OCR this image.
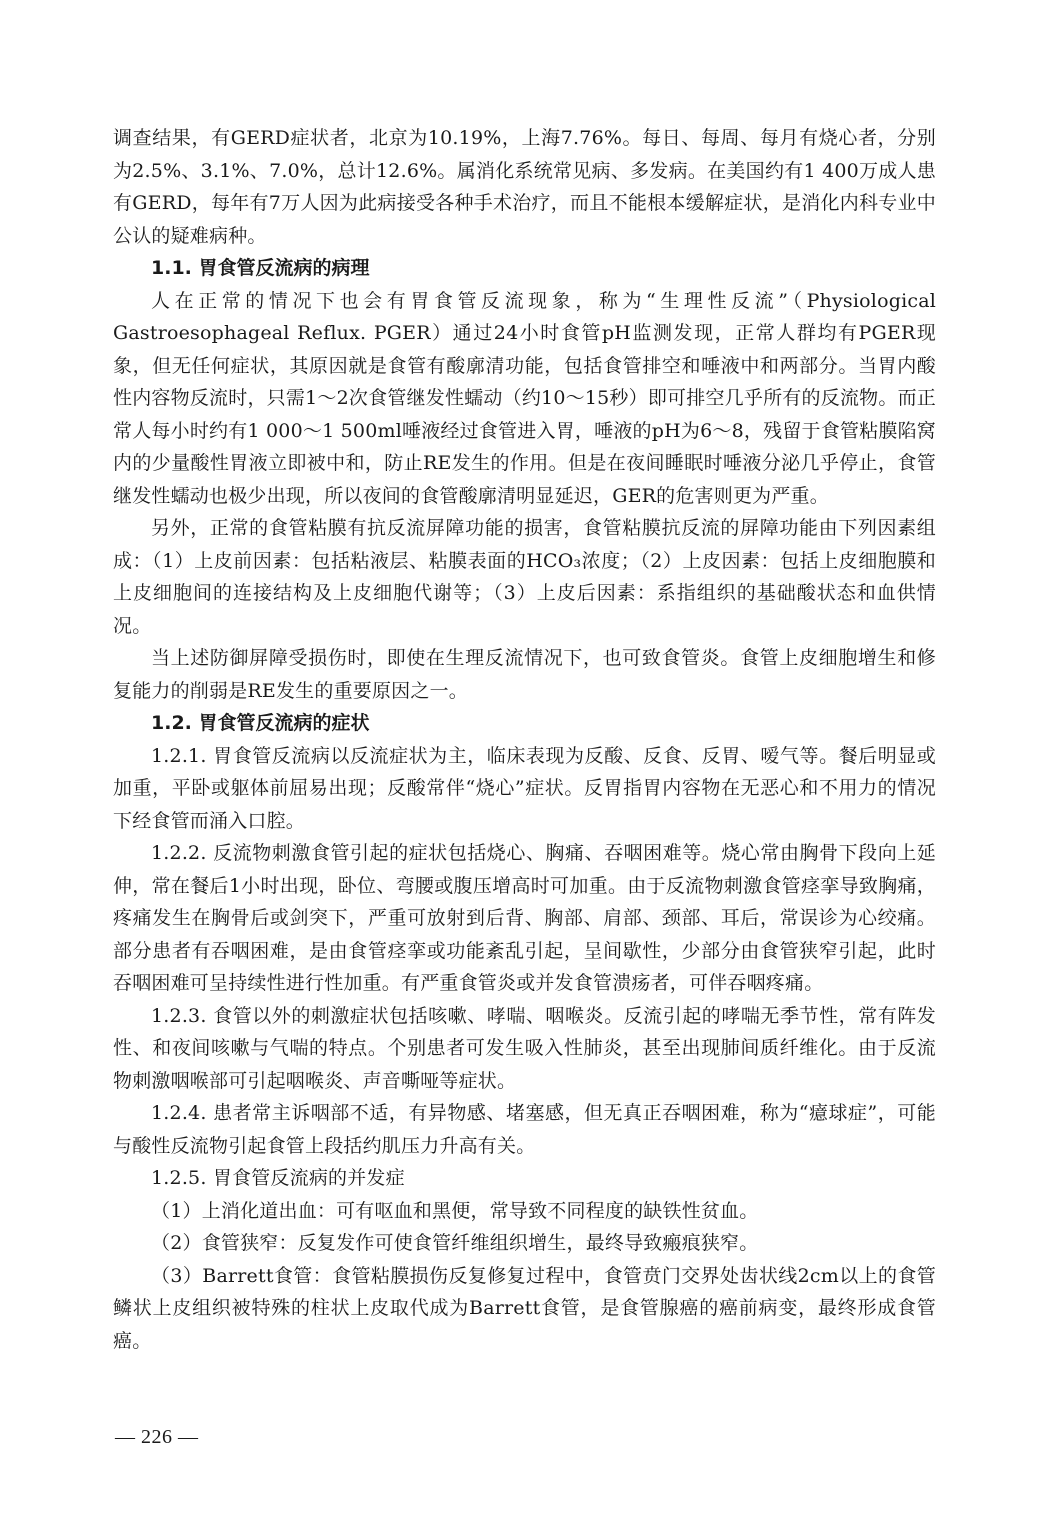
调查结果，有GERD症状者，北京为10.19%，上海7.76%。每日、每周、每月有烧心者，分别为2.5%、3.1%、7.0%，总计12.6%。属消化系统常见病、多发病。在美国约有1 400万成人患有GERD，每年有7万人因为此病接受各种手术治疗，而且不能根本缓解症状，是消化内科专业中公认的疑难病种。

1.1. 胃食管反流病的病理

人在正常的情况下也会有胃食管反流现象，称为“生理性反流”（Physiological Gastroesophageal Reflux. PGER）通过24小时食管pH监测发现，正常人群均有PGER现象，但无任何症状，其原因就是食管有酸廓清功能，包括食管排空和唾液中和两部分。当胃内酸性内容物反流时，只需1～2次食管继发性蠕动（约10～15秒）即可排空几乎所有的反流物。而正常人每小时约有1 000～1 500ml唾液经过食管进入胃，唾液的pH为6～8，残留于食管粘膜陷窝内的少量酸性胃液立即被中和，防止RE发生的作用。但是在夜间睡眠时唾液分泌几乎停止，食管继发性蠕动也极少出现，所以夜间的食管酸廓清明显延迟，GER的危害则更为严重。

另外，正常的食管粘膜有抗反流屏障功能的损害，食管粘膜抗反流的屏障功能由下列因素组成：（1）上皮前因素：包括粘液层、粘膜表面的HCO₃浓度；（2）上皮因素：包括上皮细胞膜和上皮细胞间的连接结构及上皮细胞代谢等；（3）上皮后因素：系指组织的基础酸状态和血供情况。

当上述防御屏障受损伤时，即使在生理反流情况下，也可致食管炎。食管上皮细胞增生和修复能力的削弱是RE发生的重要原因之一。

1.2. 胃食管反流病的症状

1.2.1. 胃食管反流病以反流症状为主，临床表现为反酸、反食、反胃、嗳气等。餐后明显或加重，平卧或躯体前屈易出现；反酸常伴“烧心”症状。反胃指胃内容物在无恶心和不用力的情况下经食管而涌入口腔。

1.2.2. 反流物刺激食管引起的症状包括烧心、胸痛、吞咽困难等。烧心常由胸骨下段向上延伸，常在餐后1小时出现，卧位、弯腰或腹压增高时可加重。由于反流物刺激食管痉挛导致胸痛，疼痛发生在胸骨后或剑突下，严重可放射到后背、胸部、肩部、颈部、耳后，常误诊为心绞痛。部分患者有吞咽困难，是由食管痉挛或功能紊乱引起，呈间歇性，少部分由食管狭窄引起，此时吞咽困难可呈持续性进行性加重。有严重食管炎或并发食管溃疡者，可伴吞咽疼痛。

1.2.3. 食管以外的刺激症状包括咳嗽、哮喘、咽喉炎。反流引起的哮喘无季节性，常有阵发性、和夜间咳嗽与气喘的特点。个别患者可发生吸入性肺炎，甚至出现肺间质纤维化。由于反流物刺激咽喉部可引起咽喉炎、声音嘶哑等症状。

1.2.4. 患者常主诉咽部不适，有异物感、堵塞感，但无真正吞咽困难，称为“癔球症”，可能与酸性反流物引起食管上段括约肌压力升高有关。

1.2.5. 胃食管反流病的并发症

（1）上消化道出血：可有呕血和黑便，常导致不同程度的缺铁性贫血。

（2）食管狭窄：反复发作可使食管纤维组织增生，最终导致瘢痕狭窄。

（3）Barrett食管：食管粘膜损伤反复修复过程中，食管贲门交界处齿状线2cm以上的食管鳞状上皮组织被特殊的柱状上皮取代成为Barrett食管，是食管腺癌的癌前病变，最终形成食管癌。

— 226 —
